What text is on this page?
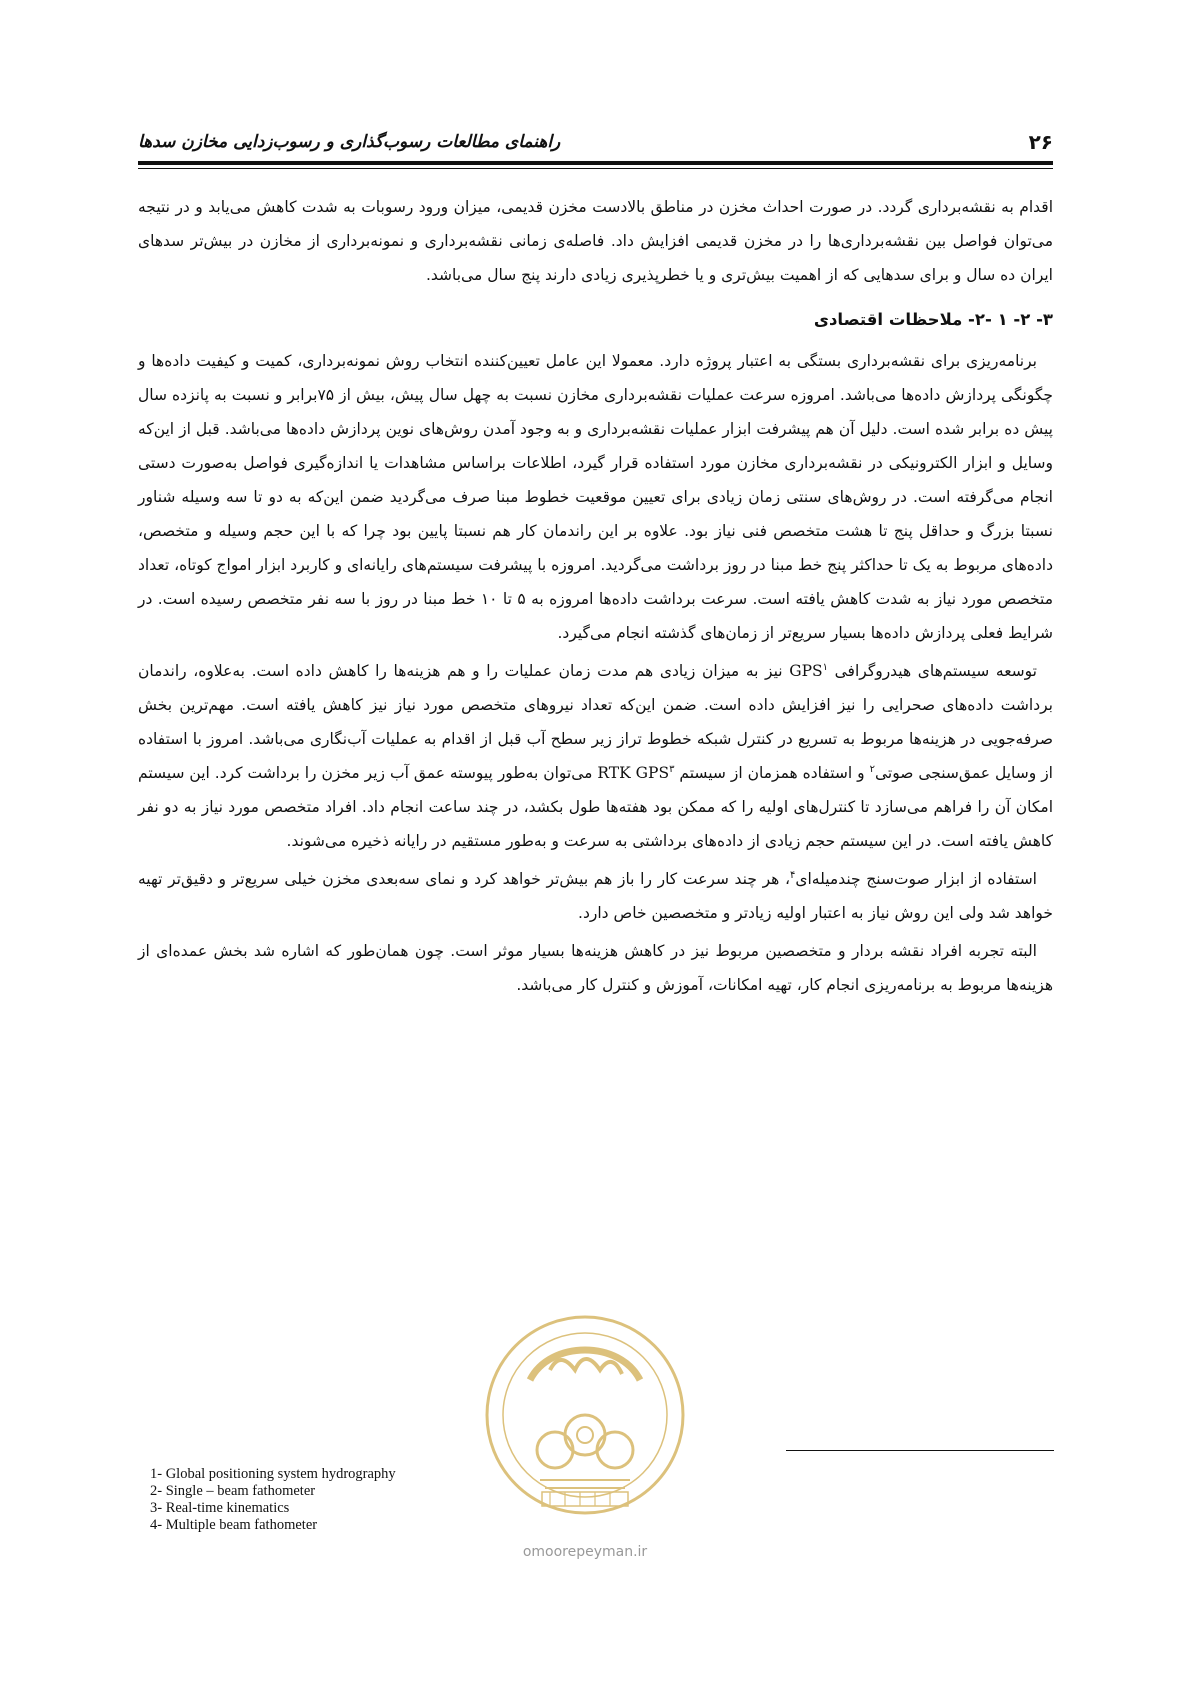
۲۶
راهنمای مطالعات رسوب‌گذاری و رسوب‌زدایی مخازن سدها

اقدام به نقشه‌برداری گردد. در صورت احداث مخزن در مناطق بالادست مخزن قدیمی، میزان ورود رسوبات به شدت کاهش می‌یابد و در نتیجه می‌توان فواصل بین نقشه‌برداری‌ها را در مخزن قدیمی افزایش داد. فاصله‌ی زمانی نقشه‌برداری و نمونه‌برداری از مخازن در بیش‌تر سدهای ایران ده سال و برای سدهایی که از اهمیت بیش‌تری و یا خطرپذیری زیادی دارند پنج سال می‌باشد.

۳- ۲- ۱ -۲- ملاحظات اقتصادی

برنامه‌ریزی برای نقشه‌برداری بستگی به اعتبار پروژه دارد. معمولا این عامل تعیین‌کننده انتخاب روش نمونه‌برداری، کمیت و کیفیت داده‌ها و چگونگی پردازش داده‌ها می‌باشد. امروزه سرعت عملیات نقشه‌برداری مخازن نسبت به چهل سال پیش، بیش از ۷۵برابر و نسبت به پانزده سال پیش ده برابر شده است. دلیل آن هم پیشرفت ابزار عملیات نقشه‌برداری و به وجود آمدن روش‌های نوین پردازش داده‌ها می‌باشد. قبل از این‌که وسایل و ابزار الکترونیکی در نقشه‌برداری مخازن مورد استفاده قرار گیرد، اطلاعات براساس مشاهدات یا اندازه‌گیری فواصل به‌صورت دستی انجام می‌گرفته است. در روش‌های سنتی زمان زیادی برای تعیین موقعیت خطوط مبنا صرف می‌گردید ضمن این‌که به دو تا سه وسیله شناور نسبتا بزرگ و حداقل پنج تا هشت متخصص فنی نیاز بود. علاوه بر این راندمان کار هم نسبتا پایین بود چرا که با این حجم وسیله و متخصص، داده‌های مربوط به یک تا حداکثر پنج خط مبنا در روز برداشت می‌گردید. امروزه با پیشرفت سیستم‌های رایانه‌ای و کاربرد ابزار امواج کوتاه، تعداد متخصص مورد نیاز به شدت کاهش یافته است. سرعت برداشت داده‌ها امروزه به ۵ تا ۱۰ خط مبنا در روز با سه نفر متخصص رسیده است. در شرایط فعلی پردازش داده‌ها بسیار سریع‌تر از زمان‌های گذشته انجام می‌گیرد.

توسعه سیستم‌های هیدروگرافی GPS$^۱$ نیز به میزان زیادی هم مدت زمان عملیات را و هم هزینه‌ها را کاهش داده است. به‌علاوه، راندمان برداشت داده‌های صحرایی را نیز افزایش داده است. ضمن این‌که تعداد نیروهای متخصص مورد نیاز نیز کاهش یافته است. مهم‌ترین بخش صرفه‌جویی در هزینه‌ها مربوط به تسریع در کنترل شبکه خطوط تراز زیر سطح آب قبل از اقدام به عملیات آب‌نگاری می‌باشد. امروز با استفاده از وسایل عمق‌سنجی صوتی$^۲$ و استفاده همزمان از سیستم RTK GPS$^۳$ می‌توان به‌طور پیوسته عمق آب زیر مخزن را برداشت کرد. این سیستم امکان آن را فراهم می‌سازد تا کنترل‌های اولیه را که ممکن بود هفته‌ها طول بکشد، در چند ساعت انجام داد. افراد متخصص مورد نیاز به دو نفر کاهش یافته است. در این سیستم حجم زیادی از داده‌های برداشتی به سرعت و به‌طور مستقیم در رایانه ذخیره می‌شوند.

استفاده از ابزار صوت‌سنج چندمیله‌ای$^۴$، هر چند سرعت کار را باز هم بیش‌تر خواهد کرد و نمای سه‌بعدی مخزن خیلی سریع‌تر و دقیق‌تر تهیه خواهد شد ولی این روش نیاز به اعتبار اولیه زیادتر و متخصصین خاص دارد.

البته تجربه افراد نقشه بردار و متخصصین مربوط نیز در کاهش هزینه‌ها بسیار موثر است. چون همان‌طور که اشاره شد بخش عمده‌ای از هزینه‌ها مربوط به برنامه‌ریزی انجام کار، تهیه امکانات، آموزش و کنترل کار می‌باشد.

omoorepeyman.ir
1- Global positioning system hydrography
2- Single – beam fathometer
3- Real-time kinematics
4- Multiple beam fathometer
